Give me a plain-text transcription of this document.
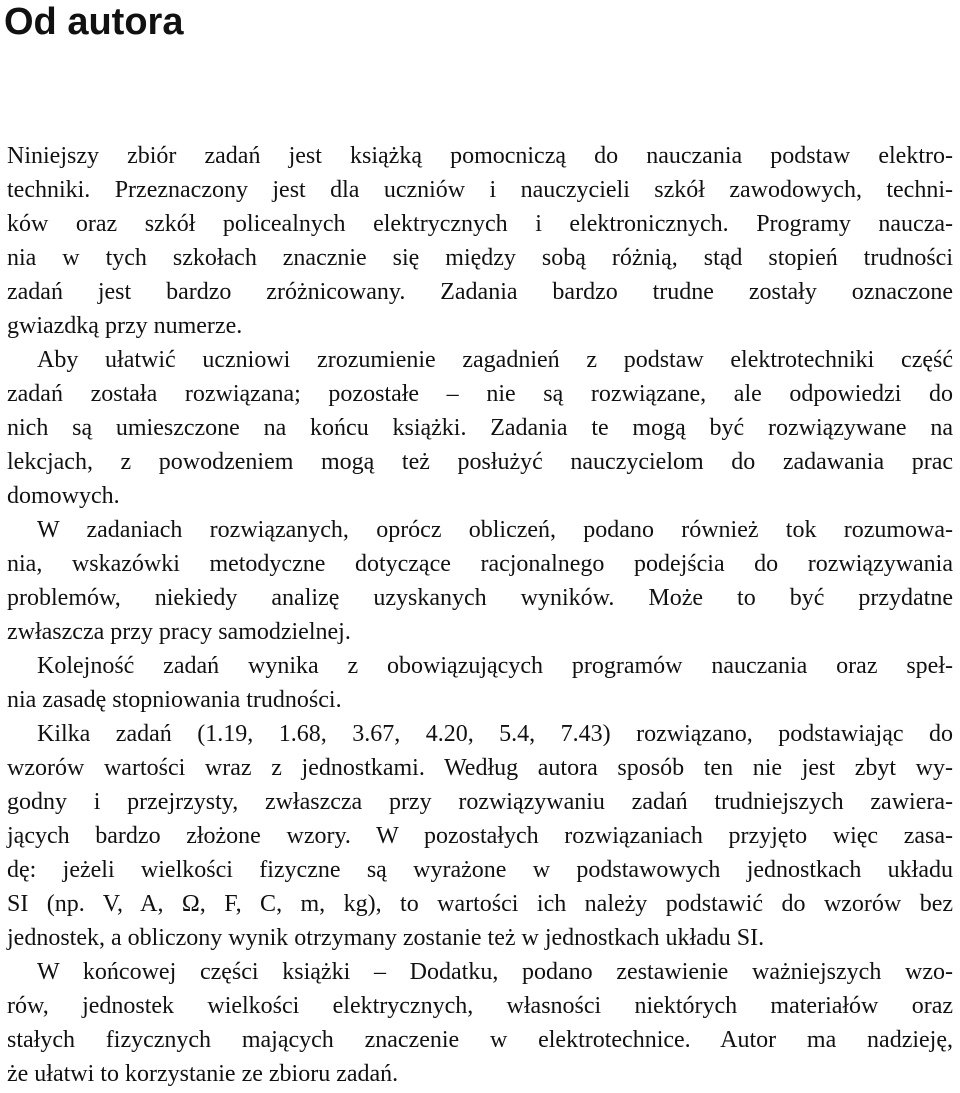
Od autora

Niniejszy zbiór zadań jest książką pomocniczą do nauczania podstaw elektro-
techniki. Przeznaczony jest dla uczniów i nauczycieli szkół zawodowych, techni-
ków oraz szkół policealnych elektrycznych i elektronicznych. Programy naucza-
nia w tych szkołach znacznie się między sobą różnią, stąd stopień trudności
zadań jest bardzo zróżnicowany. Zadania bardzo trudne zostały oznaczone
gwiazdką przy numerze.

Aby ułatwić uczniowi zrozumienie zagadnień z podstaw elektrotechniki część
zadań została rozwiązana; pozostałe – nie są rozwiązane, ale odpowiedzi do
nich są umieszczone na końcu książki. Zadania te mogą być rozwiązywane na
lekcjach, z powodzeniem mogą też posłużyć nauczycielom do zadawania prac
domowych.

W zadaniach rozwiązanych, oprócz obliczeń, podano również tok rozumowa-
nia, wskazówki metodyczne dotyczące racjonalnego podejścia do rozwiązywania
problemów, niekiedy analizę uzyskanych wyników. Może to być przydatne
zwłaszcza przy pracy samodzielnej.

Kolejność zadań wynika z obowiązujących programów nauczania oraz speł-
nia zasadę stopniowania trudności.

Kilka zadań (1.19, 1.68, 3.67, 4.20, 5.4, 7.43) rozwiązano, podstawiając do
wzorów wartości wraz z jednostkami. Według autora sposób ten nie jest zbyt wy-
godny i przejrzysty, zwłaszcza przy rozwiązywaniu zadań trudniejszych zawiera-
jących bardzo złożone wzory. W pozostałych rozwiązaniach przyjęto więc zasa-
dę: jeżeli wielkości fizyczne są wyrażone w podstawowych jednostkach układu
SI (np. V, A, Ω, F, C, m, kg), to wartości ich należy podstawić do wzorów bez
jednostek, a obliczony wynik otrzymany zostanie też w jednostkach układu SI.

W końcowej części książki – Dodatku, podano zestawienie ważniejszych wzo-
rów, jednostek wielkości elektrycznych, własności niektórych materiałów oraz
stałych fizycznych mających znaczenie w elektrotechnice. Autor ma nadzieję,
że ułatwi to korzystanie ze zbioru zadań.
